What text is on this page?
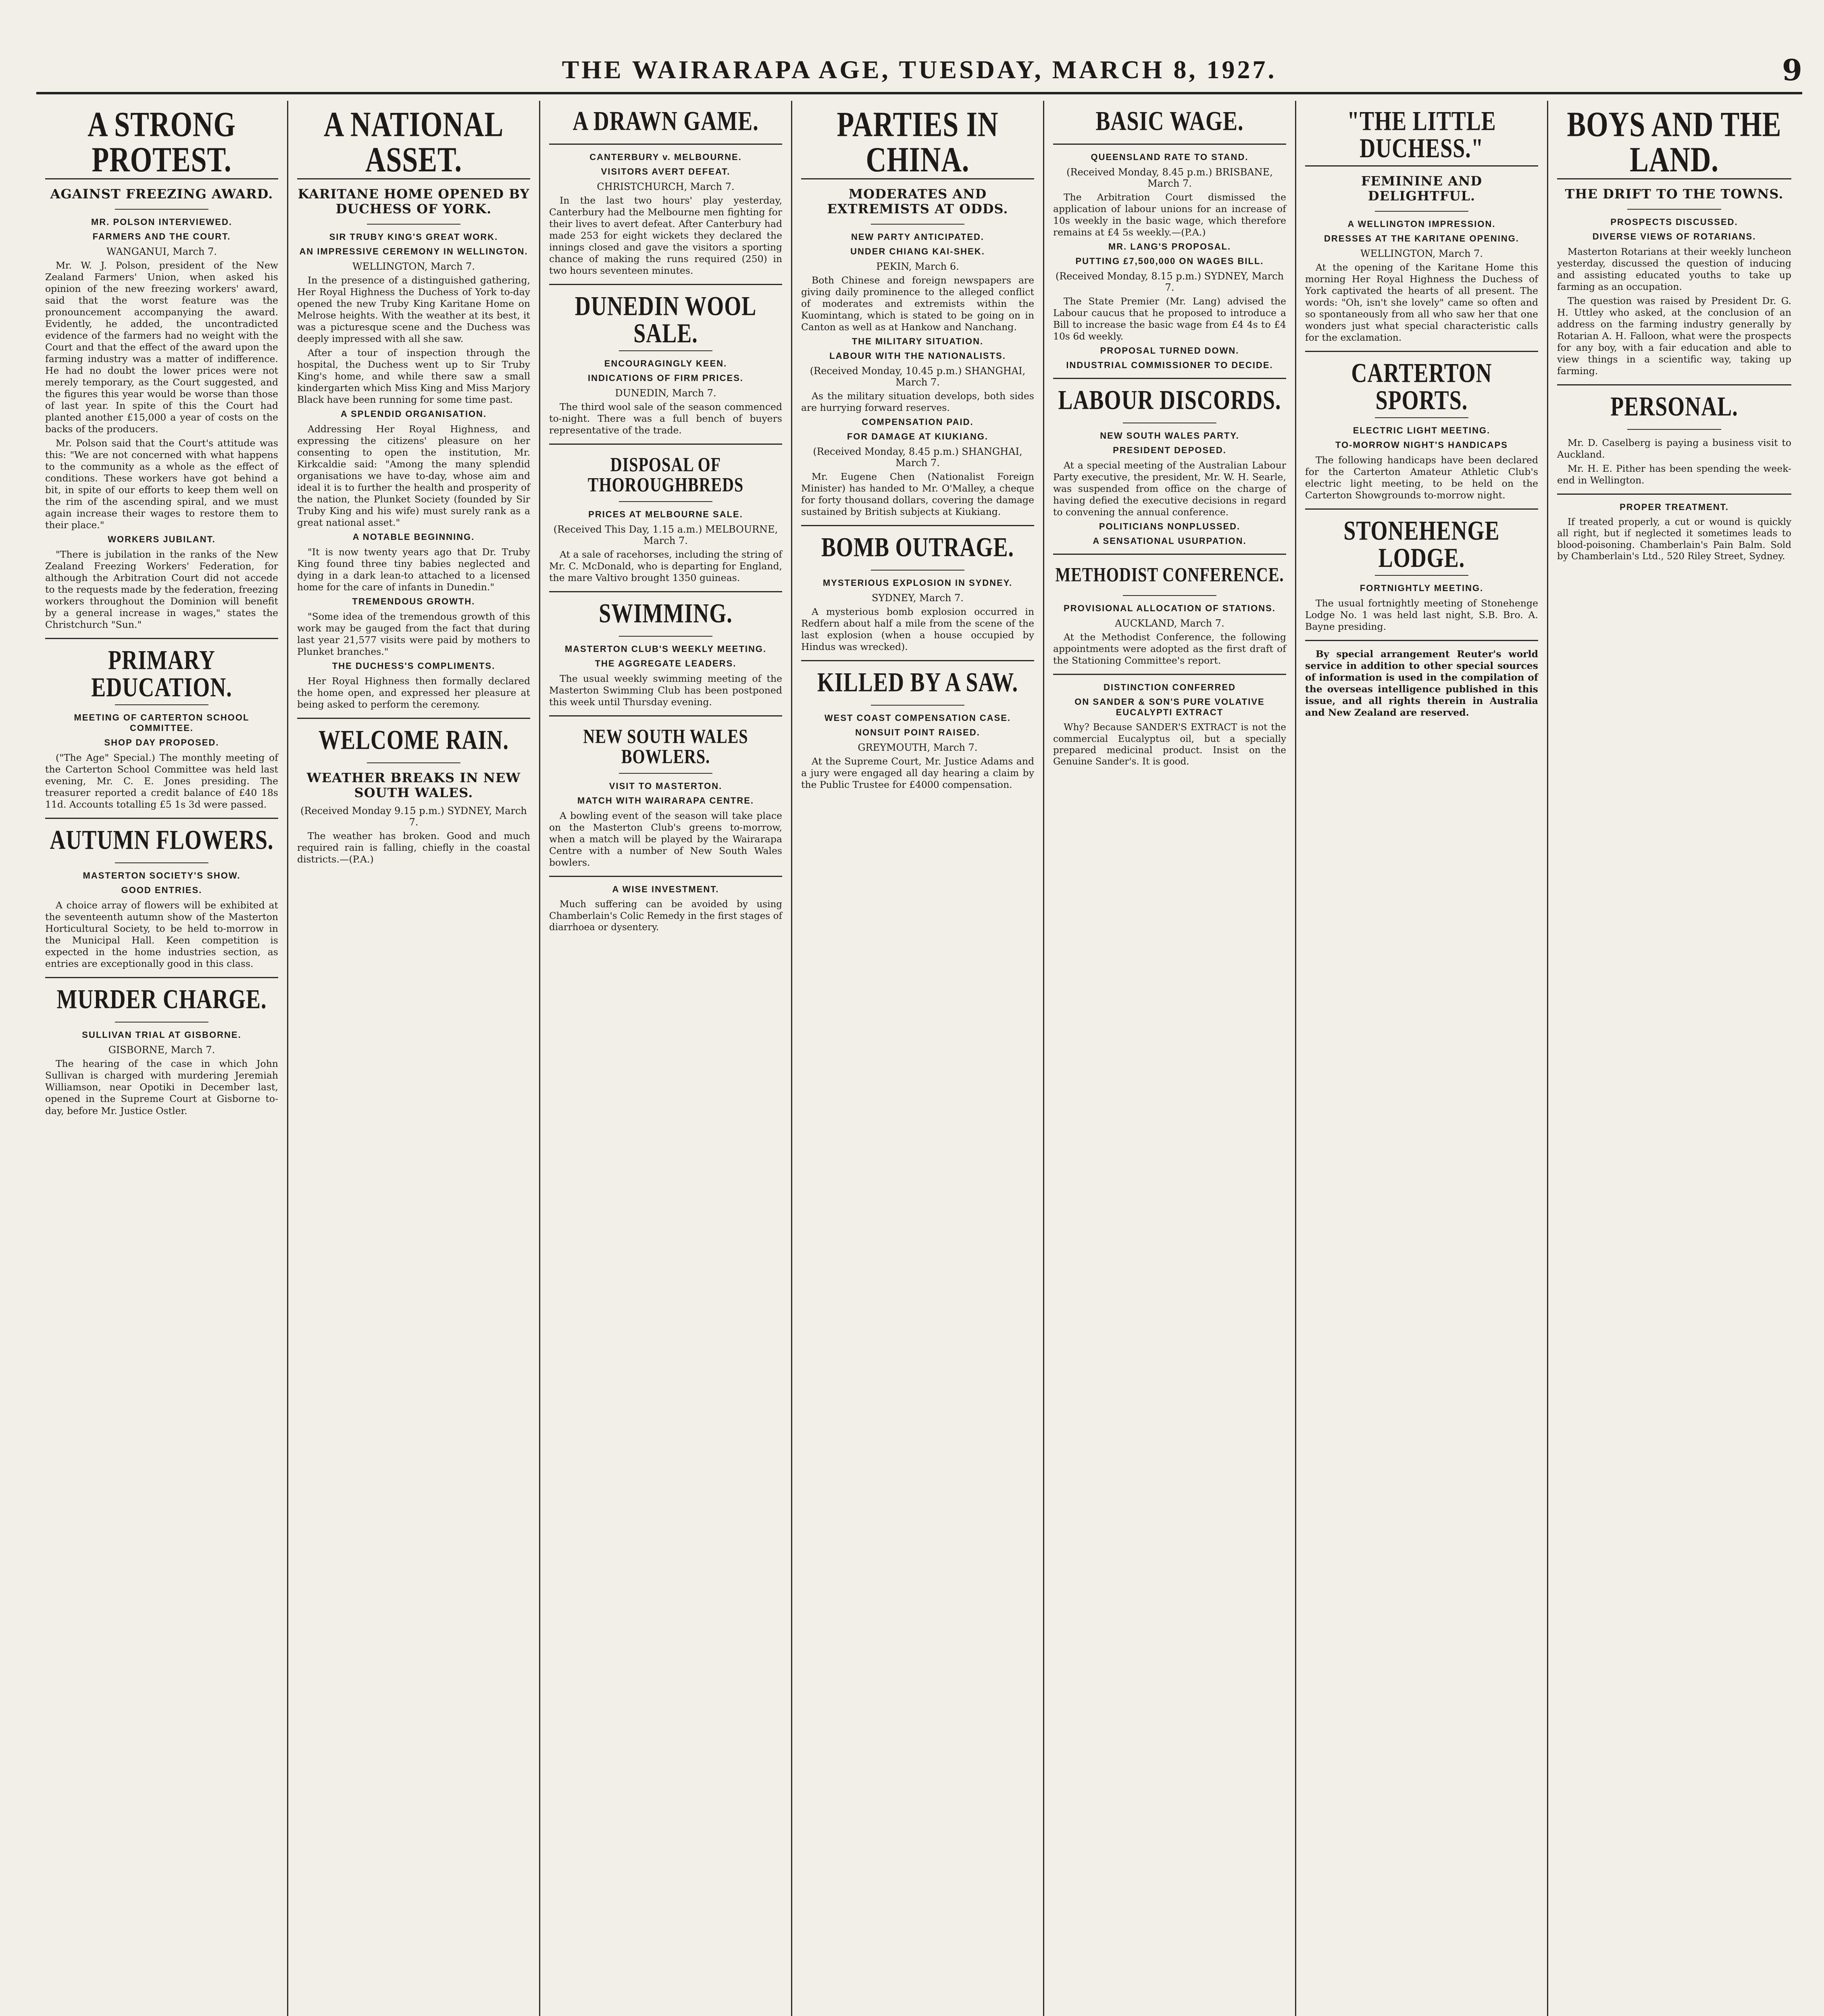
THE WAIRARAPA AGE, TUESDAY, MARCH 8, 1927.	9
A STRONG PROTEST.
AGAINST FREEZING AWARD.
MR. POLSON INTERVIEWED.
FARMERS AND THE COURT.
WANGANUI, March 7.

Mr. W. J. Polson, president of the New Zealand Farmers' Union, when asked his opinion of the new freezing workers' award, said that the worst feature was the pronouncement accompanying the award. Evidently, he added, the uncontradicted evidence of the farmers had no weight with the Court and that the effect of the award upon the farming industry was a matter of indifference. He had no doubt the lower prices were not merely temporary, as the Court suggested, and the figures this year would be worse than those of last year. In spite of this the Court had planted another £15,000 a year of costs on the backs of the producers.

Mr. Polson said that the Court's attitude was this: "We are not concerned with what happens to the community as a whole as the effect of conditions. These workers have got behind a bit, in spite of our efforts to keep them well on the rim of the ascending spiral, and we must again increase their wages to restore them to their place."

WORKERS JUBILANT.

"There is jubilation in the ranks of the New Zealand Freezing Workers' Federation, for although the Arbitration Court did not accede to the requests made by the federation, freezing workers throughout the Dominion will benefit by a general increase in wages," states the Christchurch "Sun."

PRIMARY EDUCATION.
MEETING OF CARTERTON SCHOOL COMMITTEE.
SHOP DAY PROPOSED.

("The Age" Special.) The monthly meeting of the Carterton School Committee was held last evening, Mr. C. E. Jones presiding. The treasurer reported a credit balance of £40 18s 11d. Accounts totalling £5 1s 3d were passed.

AUTUMN FLOWERS.
MASTERTON SOCIETY'S SHOW.
GOOD ENTRIES.

A choice array of flowers will be exhibited at the seventeenth autumn show of the Masterton Horticultural Society, to be held to-morrow in the Municipal Hall. Keen competition is expected in the home industries section, as entries are exceptionally good in this class.

MURDER CHARGE.
SULLIVAN TRIAL AT GISBORNE.
GISBORNE, March 7.

The hearing of the case in which John Sullivan is charged with murdering Jeremiah Williamson, near Opotiki in December last, opened in the Supreme Court at Gisborne to-day, before Mr. Justice Ostler.

A NATIONAL ASSET.
KARITANE HOME OPENED BY DUCHESS OF YORK.
SIR TRUBY KING'S GREAT WORK.
AN IMPRESSIVE CEREMONY IN WELLINGTON.
WELLINGTON, March 7.

In the presence of a distinguished gathering, Her Royal Highness the Duchess of York to-day opened the new Truby King Karitane Home on Melrose heights. With the weather at its best, it was a picturesque scene and the Duchess was deeply impressed with all she saw.

After a tour of inspection through the hospital, the Duchess went up to Sir Truby King's home, and while there saw a small kindergarten which Miss King and Miss Marjory Black have been running for some time past.

A SPLENDID ORGANISATION.

Addressing Her Royal Highness, and expressing the citizens' pleasure on her consenting to open the institution, Mr. Kirkcaldie said: "Among the many splendid organisations we have to-day, whose aim and ideal it is to further the health and prosperity of the nation, the Plunket Society (founded by Sir Truby King and his wife) must surely rank as a great national asset."

A NOTABLE BEGINNING.

"It is now twenty years ago that Dr. Truby King found three tiny babies neglected and dying in a dark lean-to attached to a licensed home for the care of infants in Dunedin."

TREMENDOUS GROWTH.

"Some idea of the tremendous growth of this work may be gauged from the fact that during last year 21,577 visits were paid by mothers to Plunket branches."

THE DUCHESS'S COMPLIMENTS.

Her Royal Highness then formally declared the home open, and expressed her pleasure at being asked to perform the ceremony.

WELCOME RAIN.
WEATHER BREAKS IN NEW SOUTH WALES.
(Received Monday 9.15 p.m.) SYDNEY, March 7.

The weather has broken. Good and much required rain is falling, chiefly in the coastal districts.—(P.A.)

A DRAWN GAME.
CANTERBURY v. MELBOURNE.
VISITORS AVERT DEFEAT.
CHRISTCHURCH, March 7.

In the last two hours' play yesterday, Canterbury had the Melbourne men fighting for their lives to avert defeat. After Canterbury had made 253 for eight wickets they declared the innings closed and gave the visitors a sporting chance of making the runs required (250) in two hours seventeen minutes.

DUNEDIN WOOL SALE.
ENCOURAGINGLY KEEN.
INDICATIONS OF FIRM PRICES.
DUNEDIN, March 7.

The third wool sale of the season commenced to-night. There was a full bench of buyers representative of the trade.

DISPOSAL OF THOROUGHBREDS
PRICES AT MELBOURNE SALE.
(Received This Day, 1.15 a.m.) MELBOURNE, March 7.

At a sale of racehorses, including the string of Mr. C. McDonald, who is departing for England, the mare Valtivo brought 1350 guineas.

SWIMMING.
MASTERTON CLUB'S WEEKLY MEETING.
THE AGGREGATE LEADERS.

The usual weekly swimming meeting of the Masterton Swimming Club has been postponed this week until Thursday evening.

NEW SOUTH WALES BOWLERS.
VISIT TO MASTERTON.
MATCH WITH WAIRARAPA CENTRE.

A bowling event of the season will take place on the Masterton Club's greens to-morrow, when a match will be played by the Wairarapa Centre with a number of New South Wales bowlers.

A WISE INVESTMENT.

Much suffering can be avoided by using Chamberlain's Colic Remedy in the first stages of diarrhoea or dysentery.

PARTIES IN CHINA.
MODERATES AND EXTREMISTS AT ODDS.
NEW PARTY ANTICIPATED.
UNDER CHIANG KAI-SHEK.
PEKIN, March 6.

Both Chinese and foreign newspapers are giving daily prominence to the alleged conflict of moderates and extremists within the Kuomintang, which is stated to be going on in Canton as well as at Hankow and Nanchang.

THE MILITARY SITUATION.
LABOUR WITH THE NATIONALISTS.
(Received Monday, 10.45 p.m.) SHANGHAI, March 7.

As the military situation develops, both sides are hurrying forward reserves.

COMPENSATION PAID.
FOR DAMAGE AT KIUKIANG.
(Received Monday, 8.45 p.m.) SHANGHAI, March 7.

Mr. Eugene Chen (Nationalist Foreign Minister) has handed to Mr. O'Malley, a cheque for forty thousand dollars, covering the damage sustained by British subjects at Kiukiang.

BOMB OUTRAGE.
MYSTERIOUS EXPLOSION IN SYDNEY.
SYDNEY, March 7.

A mysterious bomb explosion occurred in Redfern about half a mile from the scene of the last explosion (when a house occupied by Hindus was wrecked).

KILLED BY A SAW.
WEST COAST COMPENSATION CASE.
NONSUIT POINT RAISED.
GREYMOUTH, March 7.

At the Supreme Court, Mr. Justice Adams and a jury were engaged all day hearing a claim by the Public Trustee for £4000 compensation.

BASIC WAGE.
QUEENSLAND RATE TO STAND.
(Received Monday, 8.45 p.m.) BRISBANE, March 7.

The Arbitration Court dismissed the application of labour unions for an increase of 10s weekly in the basic wage, which therefore remains at £4 5s weekly.—(P.A.)

MR. LANG'S PROPOSAL.
PUTTING £7,500,000 ON WAGES BILL.
(Received Monday, 8.15 p.m.) SYDNEY, March 7.

The State Premier (Mr. Lang) advised the Labour caucus that he proposed to introduce a Bill to increase the basic wage from £4 4s to £4 10s 6d weekly.

PROPOSAL TURNED DOWN.
INDUSTRIAL COMMISSIONER TO DECIDE.
LABOUR DISCORDS.
NEW SOUTH WALES PARTY.
PRESIDENT DEPOSED.

At a special meeting of the Australian Labour Party executive, the president, Mr. W. H. Searle, was suspended from office on the charge of having defied the executive decisions in regard to convening the annual conference.

POLITICIANS NONPLUSSED.
A SENSATIONAL USURPATION.
METHODIST CONFERENCE.
PROVISIONAL ALLOCATION OF STATIONS.
AUCKLAND, March 7.

At the Methodist Conference, the following appointments were adopted as the first draft of the Stationing Committee's report.

DISTINCTION CONFERRED
ON SANDER & SON'S PURE VOLATIVE EUCALYPTI EXTRACT

Why? Because SANDER'S EXTRACT is not the commercial Eucalyptus oil, but a specially prepared medicinal product. Insist on the Genuine Sander's. It is good.

"THE LITTLE DUCHESS."
FEMININE AND DELIGHTFUL.
A WELLINGTON IMPRESSION.
DRESSES AT THE KARITANE OPENING.
WELLINGTON, March 7.

At the opening of the Karitane Home this morning Her Royal Highness the Duchess of York captivated the hearts of all present. The words: "Oh, isn't she lovely" came so often and so spontaneously from all who saw her that one wonders just what special characteristic calls for the exclamation.

CARTERTON SPORTS.
ELECTRIC LIGHT MEETING.
TO-MORROW NIGHT'S HANDICAPS

The following handicaps have been declared for the Carterton Amateur Athletic Club's electric light meeting, to be held on the Carterton Showgrounds to-morrow night.

STONEHENGE LODGE.
FORTNIGHTLY MEETING.

The usual fortnightly meeting of Stonehenge Lodge No. 1 was held last night, S.B. Bro. A. Bayne presiding.

By special arrangement Reuter's world service in addition to other special sources of information is used in the compilation of the overseas intelligence published in this issue, and all rights therein in Australia and New Zealand are reserved.

BOYS AND THE LAND.
THE DRIFT TO THE TOWNS.
PROSPECTS DISCUSSED.
DIVERSE VIEWS OF ROTARIANS.

Masterton Rotarians at their weekly luncheon yesterday, discussed the question of inducing and assisting educated youths to take up farming as an occupation.

The question was raised by President Dr. G. H. Uttley who asked, at the conclusion of an address on the farming industry generally by Rotarian A. H. Falloon, what were the prospects for any boy, with a fair education and able to view things in a scientific way, taking up farming.

PERSONAL.

Mr. D. Caselberg is paying a business visit to Auckland.

Mr. H. E. Pither has been spending the week-end in Wellington.

PROPER TREATMENT.

If treated properly, a cut or wound is quickly all right, but if neglected it sometimes leads to blood-poisoning. Chamberlain's Pain Balm. Sold by Chamberlain's Ltd., 520 Riley Street, Sydney.
